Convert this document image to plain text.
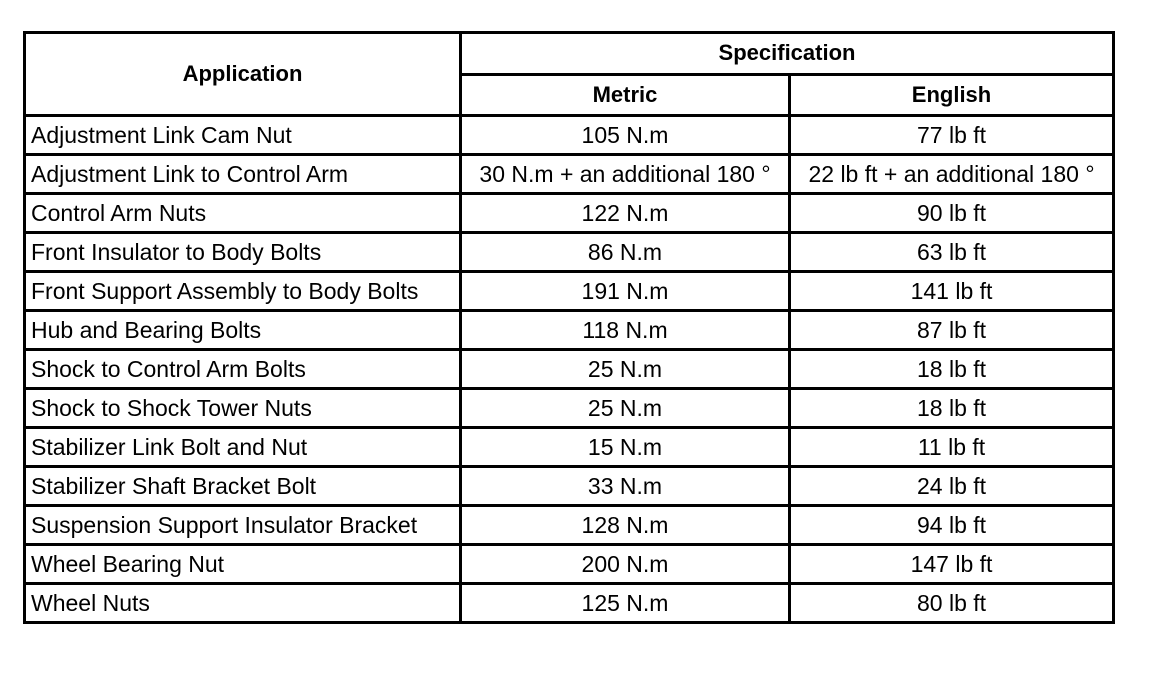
Application	Specification	
	Metric	English
Adjustment Link Cam Nut	105 N.m	77 lb ft
Adjustment Link to Control Arm	30 N.m + an additional 180 °	22 lb ft + an additional 180 °
Control Arm Nuts	122 N.m	90 lb ft
Front Insulator to Body Bolts	86 N.m	63 lb ft
Front Support Assembly to Body Bolts	191 N.m	141 lb ft
Hub and Bearing Bolts	118 N.m	87 lb ft
Shock to Control Arm Bolts	25 N.m	18 lb ft
Shock to Shock Tower Nuts	25 N.m	18 lb ft
Stabilizer Link Bolt and Nut	15 N.m	11 lb ft
Stabilizer Shaft Bracket Bolt	33 N.m	24 lb ft
Suspension Support Insulator Bracket	128 N.m	94 lb ft
Wheel Bearing Nut	200 N.m	147 lb ft
Wheel Nuts	125 N.m	80 lb ft
